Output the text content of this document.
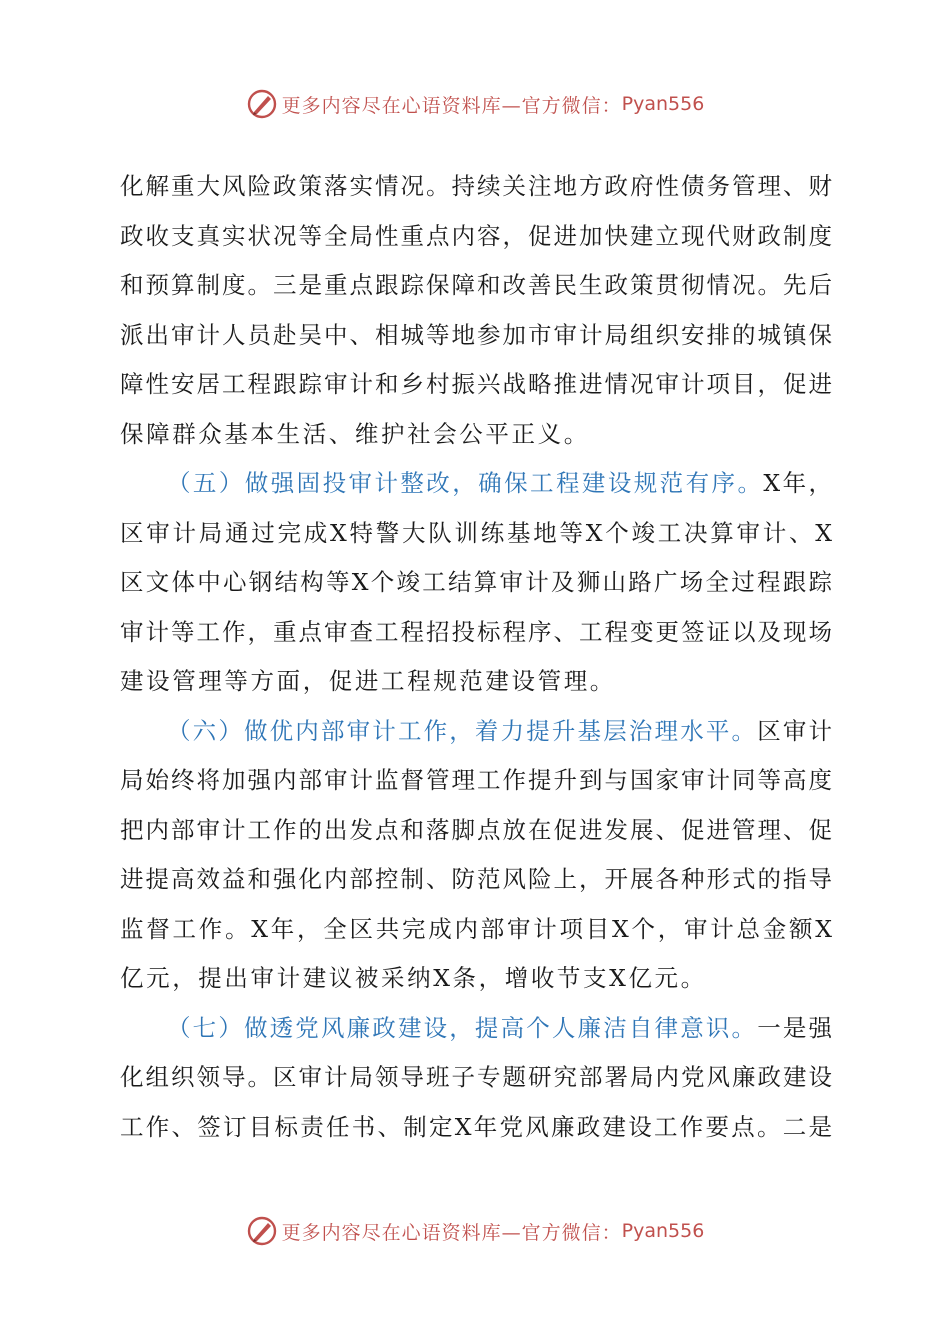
更多内容尽在心语资料库—官方微信： Pyan556
化解重大风险政策落实情况。持续关注地方政府性债务管理、财
政收支真实状况等全局性重点内容，促进加快建立现代财政制度
和预算制度。三是重点跟踪保障和改善民生政策贯彻情况。先后
派出审计人员赴吴中、相城等地参加市审计局组织安排的城镇保
障性安居工程跟踪审计和乡村振兴战略推进情况审计项目，促进
保障群众基本生活、维护社会公平正义。
（五）做强固投审计整改，确保工程建设规范有序。X年，
区审计局通过完成X特警大队训练基地等X个竣工决算审计、X
区文体中心钢结构等X个竣工结算审计及狮山路广场全过程跟踪
审计等工作，重点审查工程招投标程序、工程变更签证以及现场
建设管理等方面，促进工程规范建设管理。
（六）做优内部审计工作，着力提升基层治理水平。区审计
局始终将加强内部审计监督管理工作提升到与国家审计同等高度
把内部审计工作的出发点和落脚点放在促进发展、促进管理、促
进提高效益和强化内部控制、防范风险上，开展各种形式的指导
监督工作。X年，全区共完成内部审计项目X个，审计总金额X
亿元，提出审计建议被采纳X条，增收节支X亿元。
（七）做透党风廉政建设，提高个人廉洁自律意识。一是强
化组织领导。区审计局领导班子专题研究部署局内党风廉政建设
工作、签订目标责任书、制定X年党风廉政建设工作要点。二是
更多内容尽在心语资料库—官方微信： Pyan556
